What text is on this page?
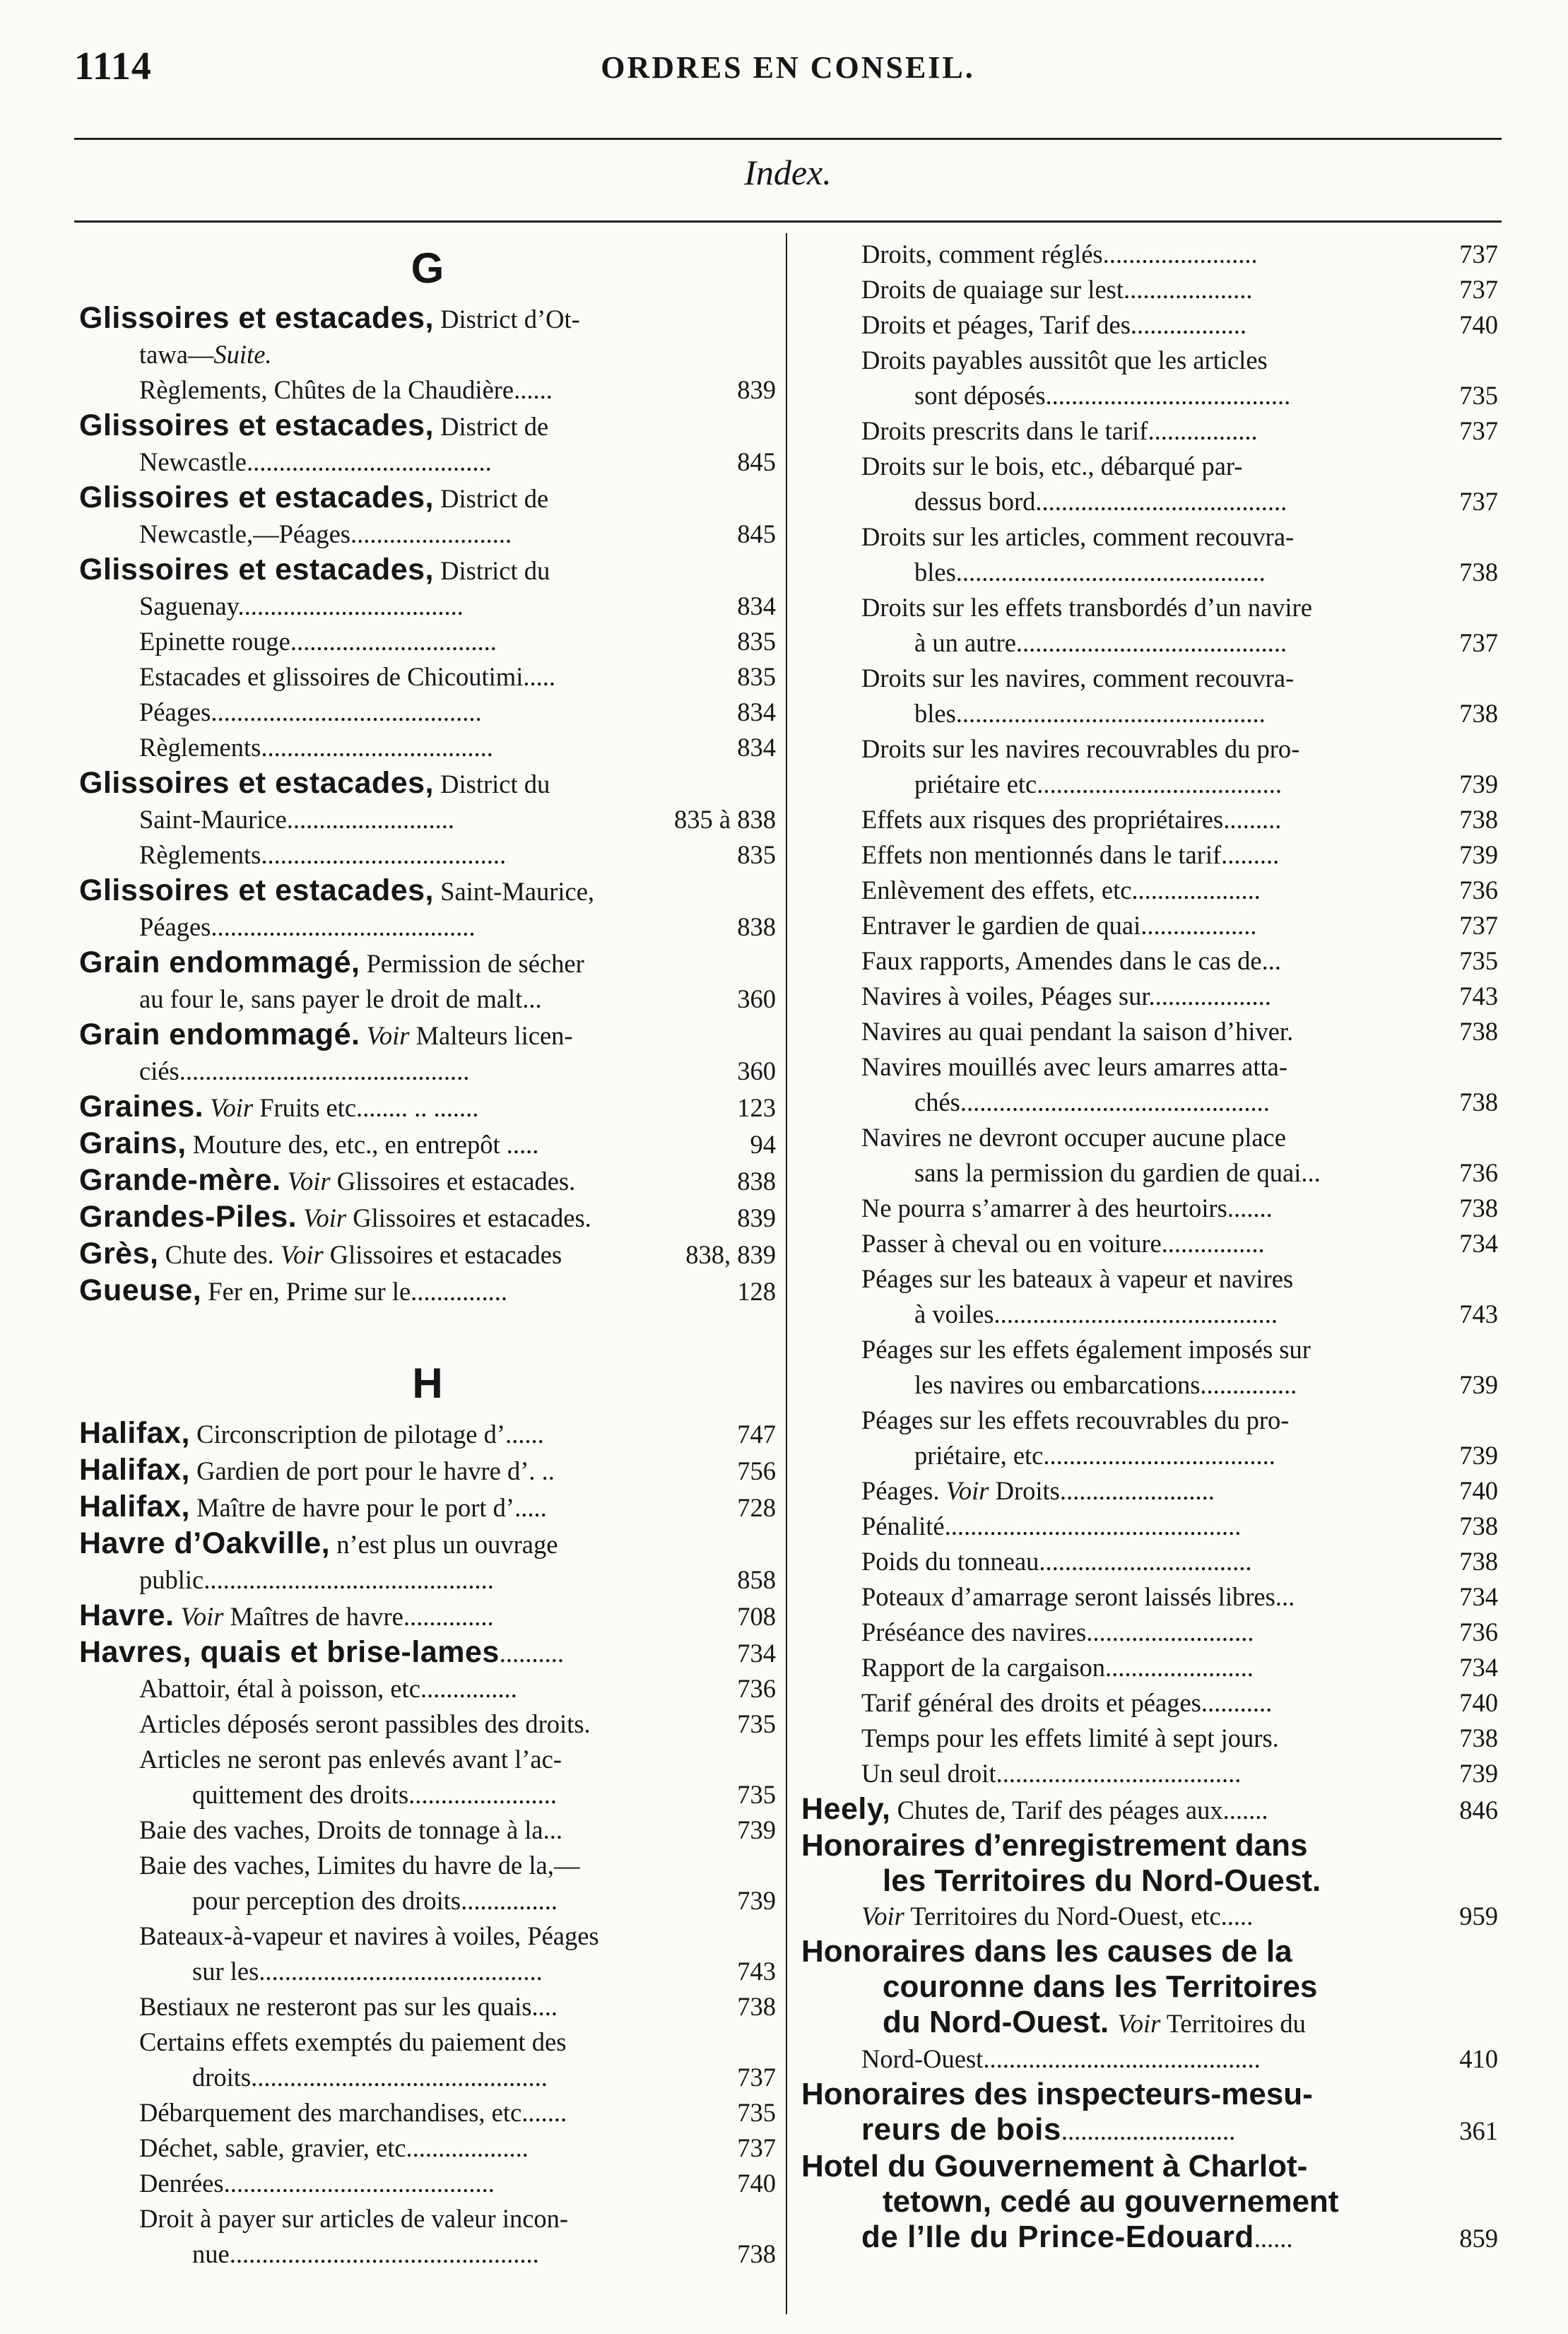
1114	ORDRES EN CONSEIL.
Index.
G
Glissoires et estacades, District d’Ot-
tawa—Suite.
Règlements, Chûtes de la Chaudière......	839
Glissoires et estacades, District de
Newcastle......................................	845
Glissoires et estacades, District de
Newcastle,—Péages.........................	845
Glissoires et estacades, District du
Saguenay...................................	834
Epinette rouge................................	835
Estacades et glissoires de Chicoutimi.....	835
Péages..........................................	834
Règlements....................................	834
Glissoires et estacades, District du
Saint-Maurice..........................	835 à 838
Règlements......................................	835
Glissoires et estacades, Saint-Maurice,
Péages.........................................	838
Grain endommagé, Permission de sécher
au four le, sans payer le droit de malt...	360
Grain endommagé. Voir Malteurs licen-
ciés.............................................	360
Graines. Voir Fruits etc........ .. .......	123
Grains, Mouture des, etc., en entrepôt .....	94
Grande-mère. Voir Glissoires et estacades.	838
Grandes-Piles. Voir Glissoires et estacades.	839
Grès, Chute des. Voir Glissoires et estacades	838, 839
Gueuse, Fer en, Prime sur le...............	128
H
Halifax, Circonscription de pilotage d’......	747
Halifax, Gardien de port pour le havre d’. ..	756
Halifax, Maître de havre pour le port d’.....	728
Havre d’Oakville, n’est plus un ouvrage
public.............................................	858
Havre. Voir Maîtres de havre..............	708
Havres, quais et brise-lames..........	734
Abattoir, étal à poisson, etc...............	736
Articles déposés seront passibles des droits.	735
Articles ne seront pas enlevés avant l’ac-
quittement des droits.......................	735
Baie des vaches, Droits de tonnage à la...	739
Baie des vaches, Limites du havre de la,—
pour perception des droits...............	739
Bateaux-à-vapeur et navires à voiles, Péages
sur les............................................	743
Bestiaux ne resteront pas sur les quais....	738
Certains effets exemptés du paiement des
droits..............................................	737
Débarquement des marchandises, etc.......	735
Déchet, sable, gravier, etc...................	737
Denrées..........................................	740
Droit à payer sur articles de valeur incon-
nue................................................	738
Droits, comment réglés........................	737
Droits de quaiage sur lest....................	737
Droits et péages, Tarif des..................	740
Droits payables aussitôt que les articles
sont déposés......................................	735
Droits prescrits dans le tarif.................	737
Droits sur le bois, etc., débarqué par-
dessus bord.......................................	737
Droits sur les articles, comment recouvra-
bles................................................	738
Droits sur les effets transbordés d’un navire
à un autre..........................................	737
Droits sur les navires, comment recouvra-
bles................................................	738
Droits sur les navires recouvrables du pro-
priétaire etc......................................	739
Effets aux risques des propriétaires.........	738
Effets non mentionnés dans le tarif.........	739
Enlèvement des effets, etc....................	736
Entraver le gardien de quai..................	737
Faux rapports, Amendes dans le cas de...	735
Navires à voiles, Péages sur...................	743
Navires au quai pendant la saison d’hiver.	738
Navires mouillés avec leurs amarres atta-
chés................................................	738
Navires ne devront occuper aucune place
sans la permission du gardien de quai...	736
Ne pourra s’amarrer à des heurtoirs.......	738
Passer à cheval ou en voiture................	734
Péages sur les bateaux à vapeur et navires
à voiles............................................	743
Péages sur les effets également imposés sur
les navires ou embarcations...............	739
Péages sur les effets recouvrables du pro-
priétaire, etc....................................	739
Péages. Voir Droits........................	740
Pénalité..............................................	738
Poids du tonneau.................................	738
Poteaux d’amarrage seront laissés libres...	734
Préséance des navires..........................	736
Rapport de la cargaison.......................	734
Tarif général des droits et péages...........	740
Temps pour les effets limité à sept jours.	738
Un seul droit......................................	739
Heely, Chutes de, Tarif des péages aux.......	846
Honoraires d’enregistrement dans
les Territoires du Nord-Ouest.
Voir Territoires du Nord-Ouest, etc.....	959
Honoraires dans les causes de la
couronne dans les Territoires
du Nord-Ouest. Voir Territoires du
Nord-Ouest...........................................	410
Honoraires des inspecteurs-mesu-
reurs de bois...........................	361
Hotel du Gouvernement à Charlot-
tetown, cedé au gouvernement
de l’Ile du Prince-Edouard......	859
